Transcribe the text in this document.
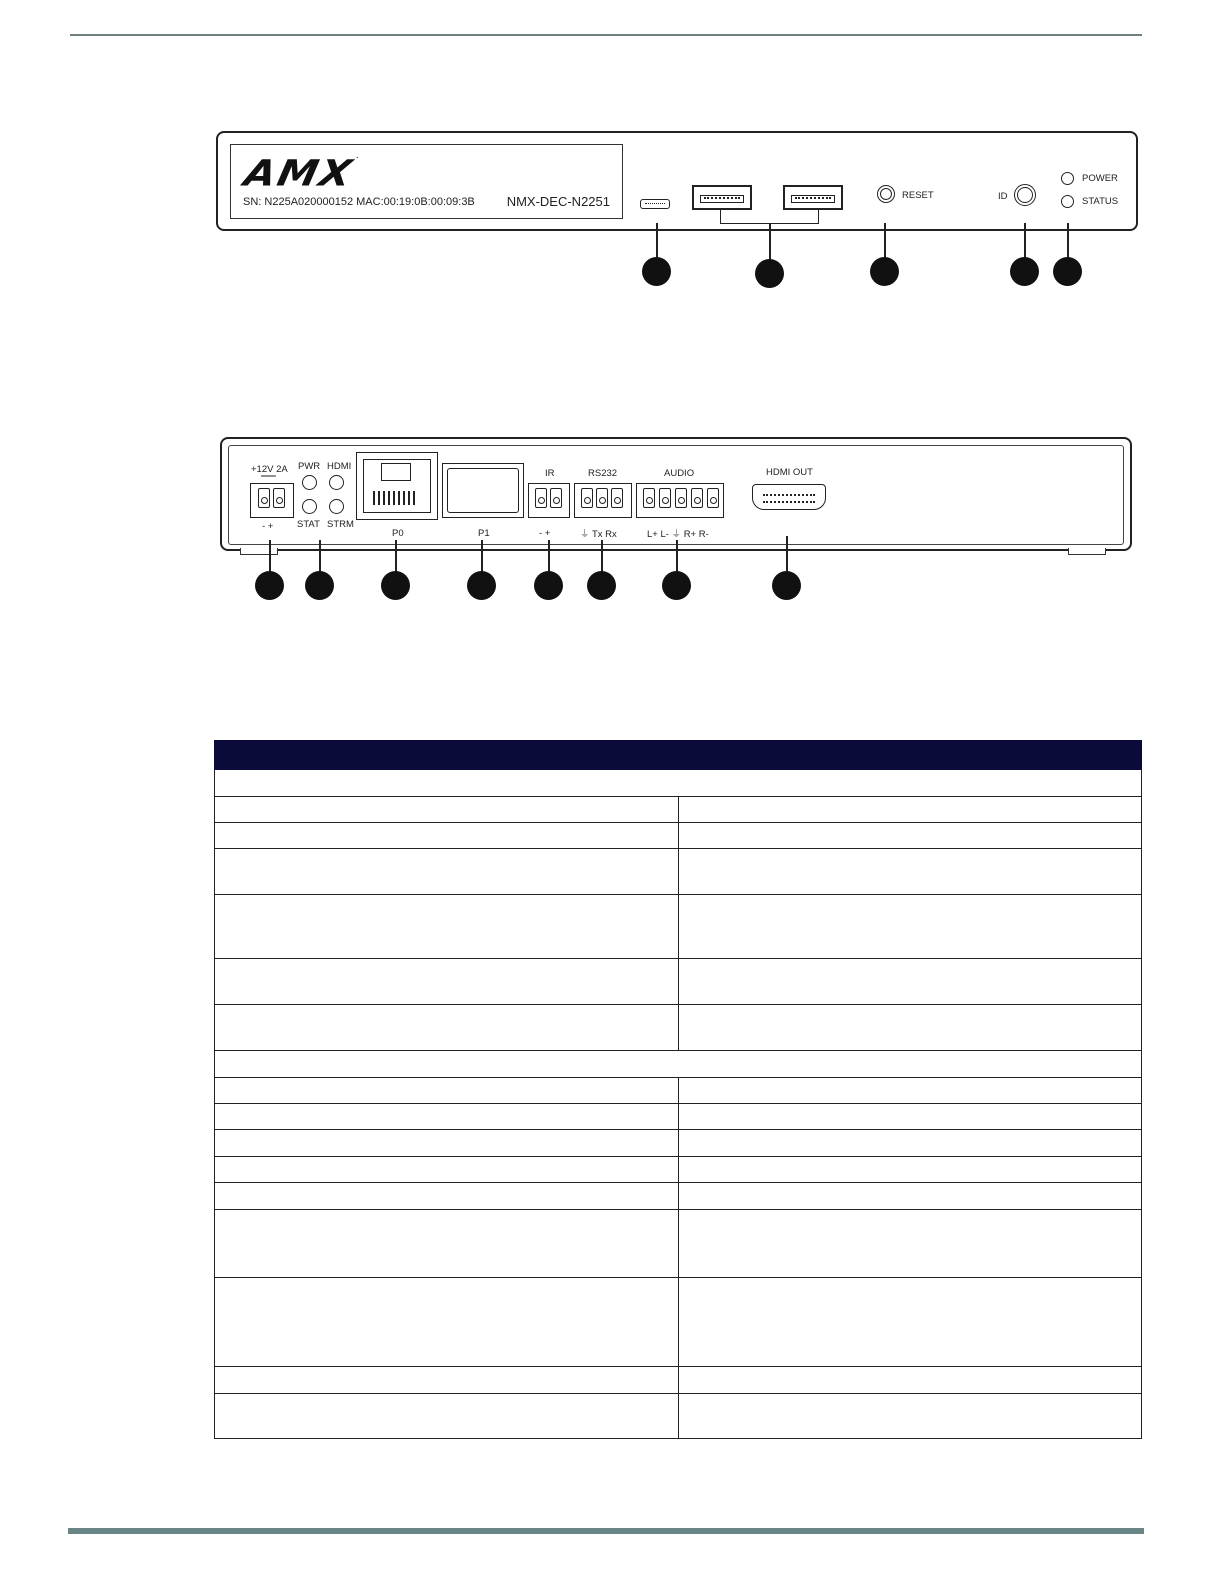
AMX.
SN: N225A020000152 MAC:00:19:0B:00:09:3B NMX-DEC-N2251	RESET	ID
POWER
STATUS
+12V 2A
═══
- +
PWR HDMI
STAT STRM
P0	P1
IR
- +
RS232
⏚ Tx Rx
AUDIO
L+ L- ⏚ R+ R-
HDMI OUT
